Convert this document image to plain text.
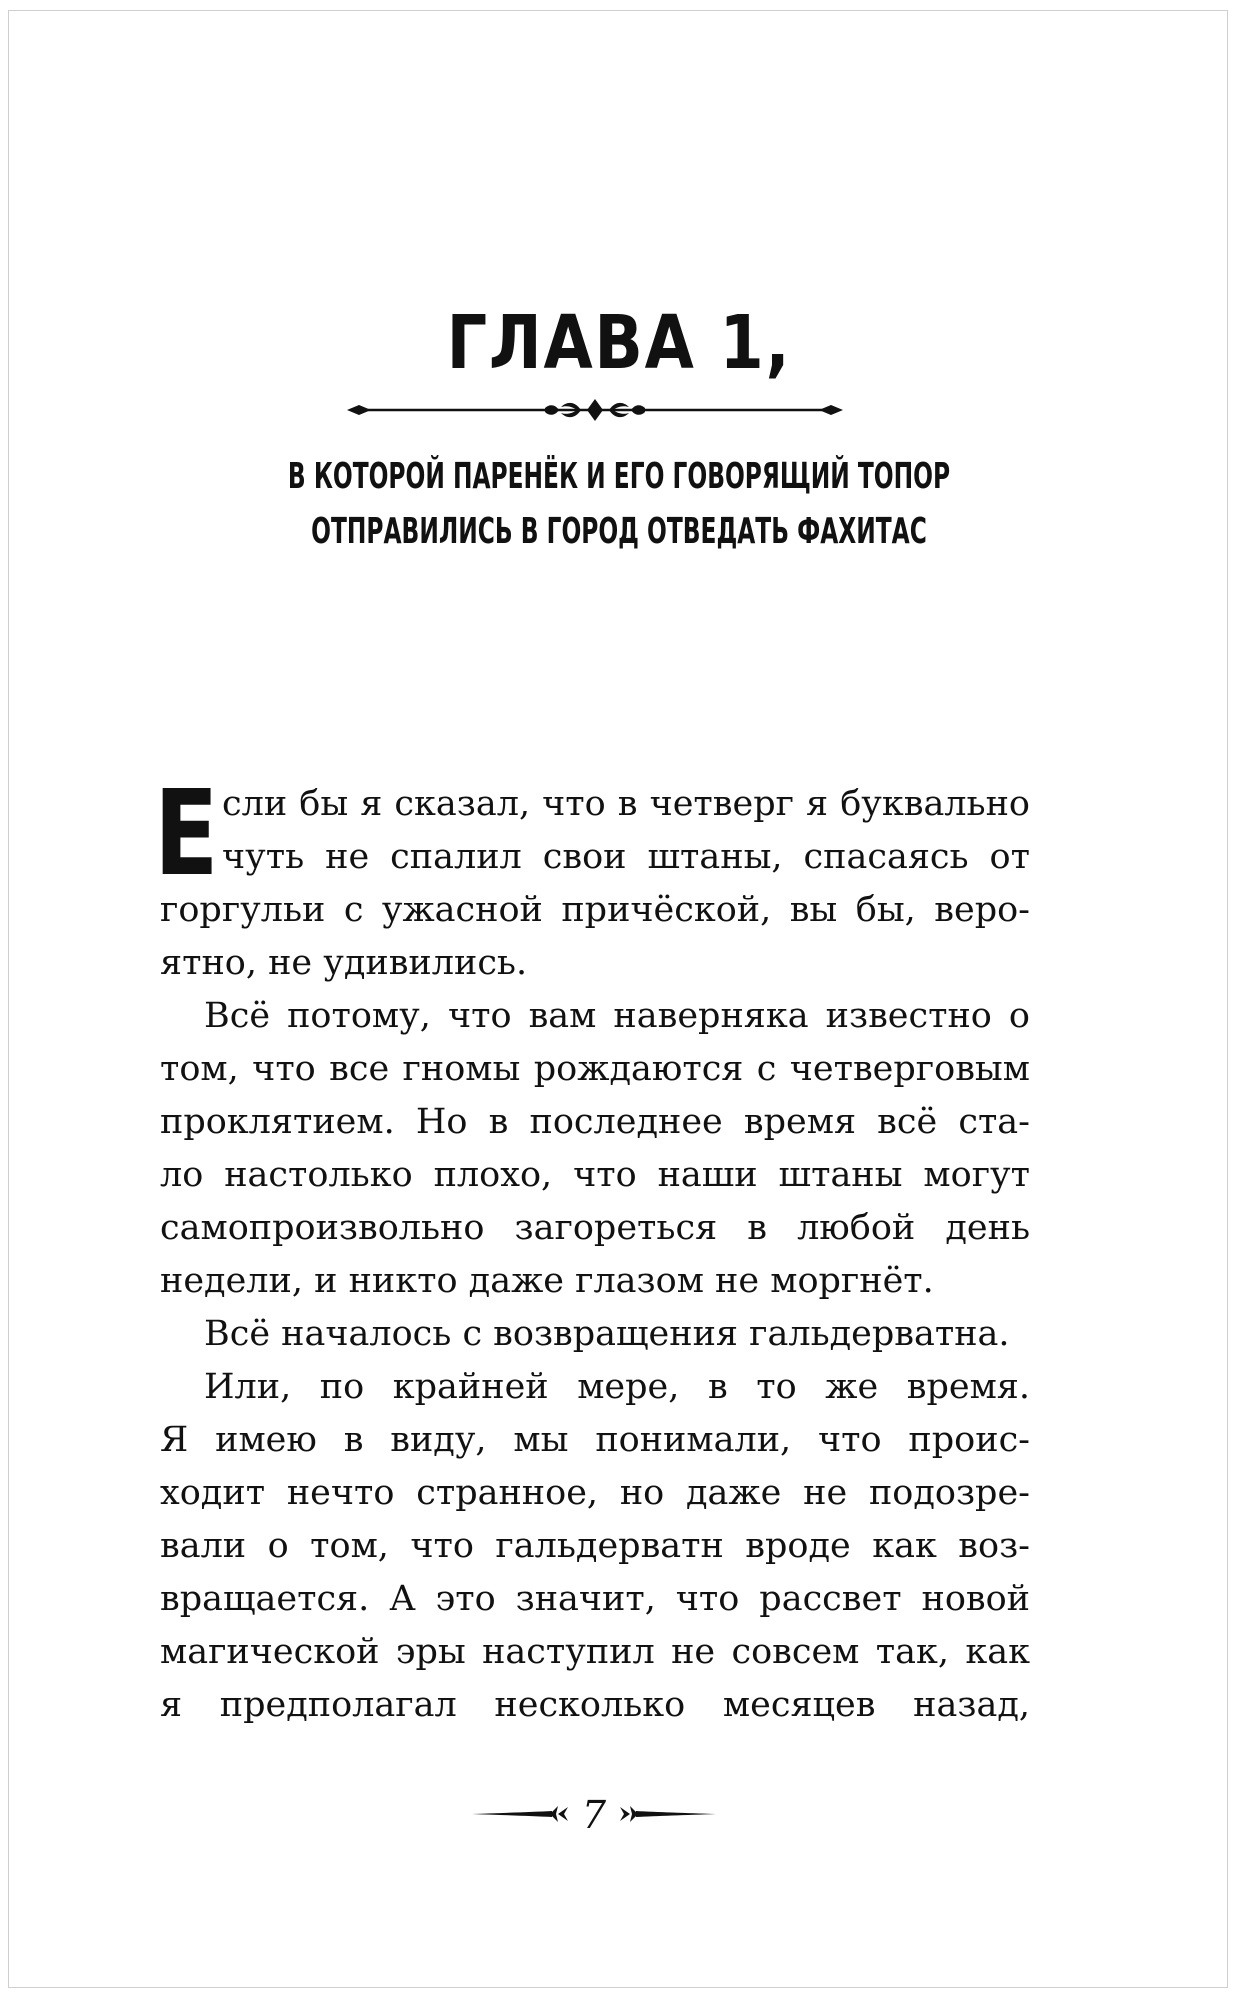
ГЛАВА 1,
В КОТОРОЙ ПАРЕНЁК И ЕГО ГОВОРЯЩИЙ ТОПОР
ОТПРАВИЛИСЬ В ГОРОД ОТВЕДАТЬ ФАХИТАС
Е сли бы я сказал, что в четверг я буквально
чуть не спалил свои штаны, спасаясь от
горгульи с ужасной причёской, вы бы, веро-
ятно, не удивились.
Всё потому, что вам наверняка известно о
том, что все гномы рождаются с четверговым
проклятием. Но в последнее время всё ста-
ло настолько плохо, что наши штаны могут
самопроизвольно загореться в любой день
недели, и никто даже глазом не моргнёт.
Всё началось с возвращения гальдерватна.
Или, по крайней мере, в то же время.
Я имею в виду, мы понимали, что проис-
ходит нечто странное, но даже не подозре-
вали о том, что гальдерватн вроде как воз-
вращается. А это значит, что рассвет новой
магической эры наступил не совсем так, как
я предполагал несколько месяцев назад,
7
